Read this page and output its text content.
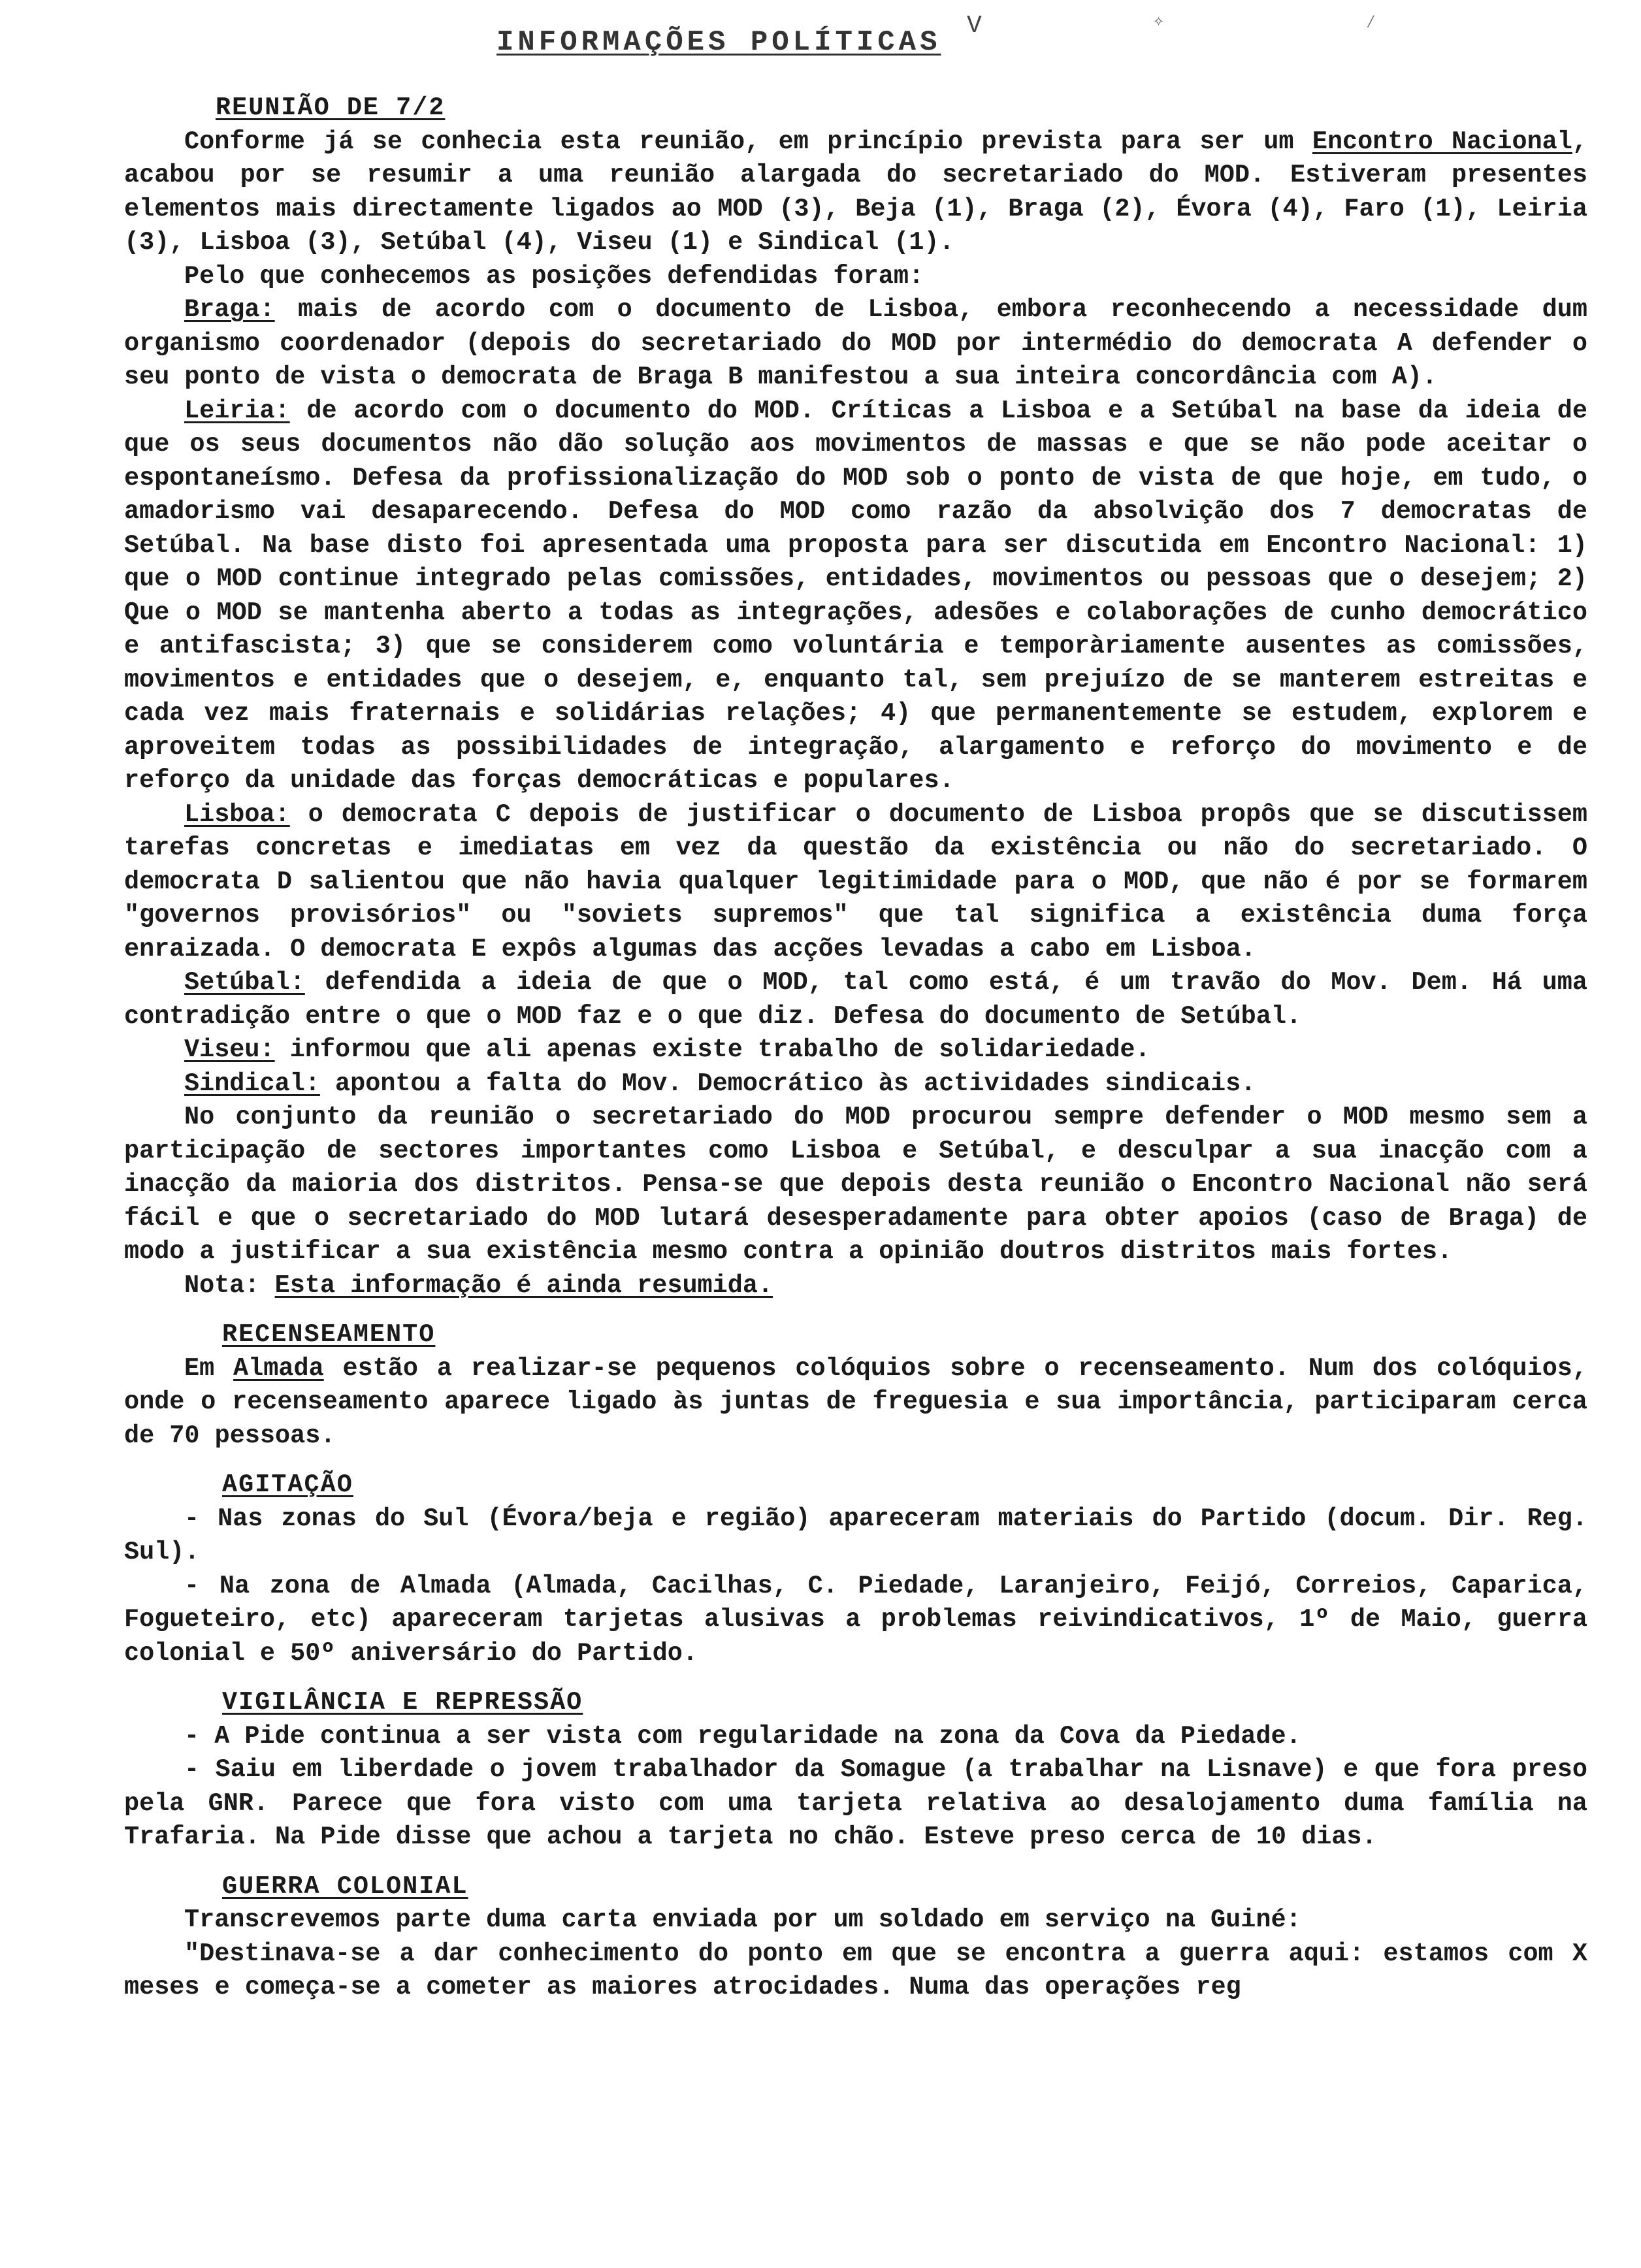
INFORMAÇÕES POLÍTICAS
V	✧	⁄

REUNIÃO DE 7/2

Conforme já se conhecia esta reunião, em princípio prevista para ser um Encontro Nacional, acabou por se resumir a uma reunião alargada do secretariado do MOD. Estiveram presentes elementos mais directamente ligados ao MOD (3), Beja (1), Braga (2), Évora (4), Faro (1), Leiria (3), Lisboa (3), Setúbal (4), Viseu (1) e Sindical (1).

Pelo que conhecemos as posições defendidas foram:

Braga: mais de acordo com o documento de Lisboa, embora reconhecendo a necessidade dum organismo coordenador (depois do secretariado do MOD por intermédio do democrata A defender o seu ponto de vista o democrata de Braga B manifestou a sua inteira concordância com A).

Leiria: de acordo com o documento do MOD. Críticas a Lisboa e a Setúbal na base da ideia de que os seus documentos não dão solução aos movimentos de massas e que se não pode aceitar o espontaneísmo. Defesa da profissionalização do MOD sob o ponto de vista de que hoje, em tudo, o amadorismo vai desaparecendo. Defesa do MOD como razão da absolvição dos 7 democratas de Setúbal. Na base disto foi apresentada uma proposta para ser discutida em Encontro Nacional: 1) que o MOD continue integrado pelas comissões, entidades, movimentos ou pessoas que o desejem; 2) Que o MOD se mantenha aberto a todas as integrações, adesões e colaborações de cunho democrático e antifascista; 3) que se considerem como voluntária e temporàriamente ausentes as comissões, movimentos e entidades que o desejem, e, enquanto tal, sem prejuízo de se manterem estreitas e cada vez mais fraternais e solidárias relações; 4) que permanentemente se estudem, explorem e aproveitem todas as possibilidades de integração, alargamento e reforço do movimento e de reforço da unidade das forças democráticas e populares.

Lisboa: o democrata C depois de justificar o documento de Lisboa propôs que se discutissem tarefas concretas e imediatas em vez da questão da existência ou não do secretariado. O democrata D salientou que não havia qualquer legitimidade para o MOD, que não é por se formarem "governos provisórios" ou "soviets supremos" que tal significa a existência duma força enraizada. O democrata E expôs algumas das acções levadas a cabo em Lisboa.

Setúbal: defendida a ideia de que o MOD, tal como está, é um travão do Mov. Dem. Há uma contradição entre o que o MOD faz e o que diz. Defesa do documento de Setúbal.

Viseu: informou que ali apenas existe trabalho de solidariedade.

Sindical: apontou a falta do Mov. Democrático às actividades sindicais.

No conjunto da reunião o secretariado do MOD procurou sempre defender o MOD mesmo sem a participação de sectores importantes como Lisboa e Setúbal, e desculpar a sua inacção com a inacção da maioria dos distritos. Pensa-se que depois desta reunião o Encontro Nacional não será fácil e que o secretariado do MOD lutará desesperadamente para obter apoios (caso de Braga) de modo a justificar a sua existência mesmo contra a opinião doutros distritos mais fortes.

Nota: Esta informação é ainda resumida.

RECENSEAMENTO

Em Almada estão a realizar-se pequenos colóquios sobre o recenseamento. Num dos colóquios, onde o recenseamento aparece ligado às juntas de freguesia e sua importância, participaram cerca de 70 pessoas.

AGITAÇÃO

- Nas zonas do Sul (Évora/beja e região) apareceram materiais do Partido (docum. Dir. Reg. Sul).

- Na zona de Almada (Almada, Cacilhas, C. Piedade, Laranjeiro, Feijó, Correios, Caparica, Fogueteiro, etc) apareceram tarjetas alusivas a problemas reivindicativos, 1º de Maio, guerra colonial e 50º aniversário do Partido.

VIGILÂNCIA E REPRESSÃO

- A Pide continua a ser vista com regularidade na zona da Cova da Piedade.

- Saiu em liberdade o jovem trabalhador da Somague (a trabalhar na Lisnave) e que fora preso pela GNR. Parece que fora visto com uma tarjeta relativa ao desalojamento duma família na Trafaria. Na Pide disse que achou a tarjeta no chão. Esteve preso cerca de 10 dias.

GUERRA COLONIAL

Transcrevemos parte duma carta enviada por um soldado em serviço na Guiné:

"Destinava-se a dar conhecimento do ponto em que se encontra a guerra aqui: estamos com X meses e começa-se a cometer as maiores atrocidades. Numa das operações reg
